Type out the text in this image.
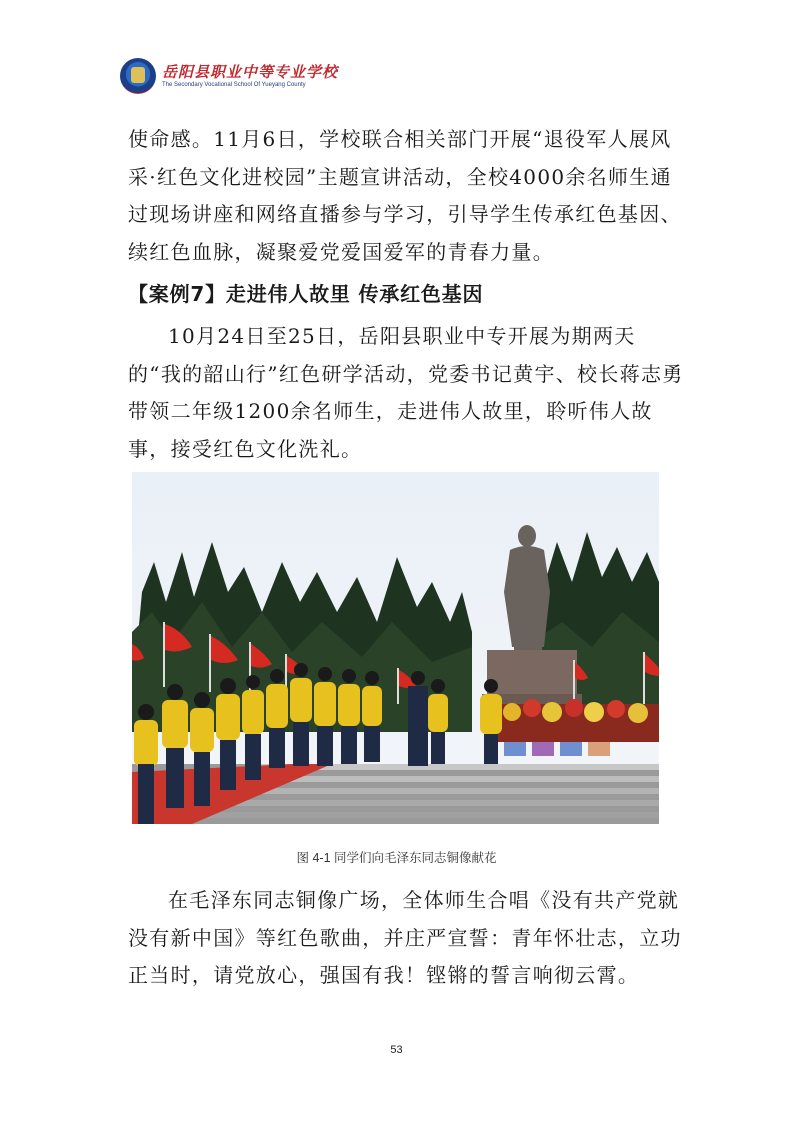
岳阳县职业中等专业学校
The Secondary Vocational School Of Yueyang County

使命感。11月6日，学校联合相关部门开展“退役军人展风采·红色文化进校园”主题宣讲活动，全校4000余名师生通过现场讲座和网络直播参与学习，引导学生传承红色基因、续红色血脉，凝聚爱党爱国爱军的青春力量。

【案例7】走进伟人故里 传承红色基因

10月24日至25日，岳阳县职业中专开展为期两天的“我的韶山行”红色研学活动，党委书记黄宇、校长蒋志勇带领二年级1200余名师生，走进伟人故里，聆听伟人故事，接受红色文化洗礼。

图 4-1 同学们向毛泽东同志铜像献花

在毛泽东同志铜像广场，全体师生合唱《没有共产党就没有新中国》等红色歌曲，并庄严宣誓：青年怀壮志，立功正当时，请党放心，强国有我！铿锵的誓言响彻云霄。

53
